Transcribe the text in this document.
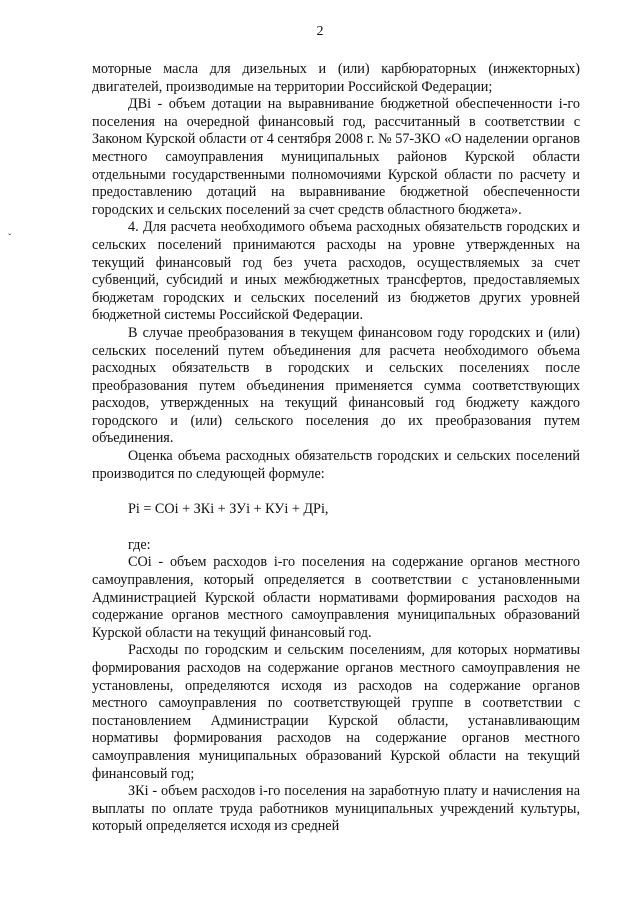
2
ˇ

моторные масла для дизельных и (или) карбюраторных (инжекторных) двигателей, производимые на территории Российской Федерации;

ДВi - объем дотации на выравнивание бюджетной обеспеченности i-го поселения на очередной финансовый год, рассчитанный в соответствии с Законом Курской области от 4 сентября 2008 г. № 57-ЗКО «О наделении органов местного самоуправления муниципальных районов Курской области отдельными государственными полномочиями Курской области по расчету и предоставлению дотаций на выравнивание бюджетной обеспеченности городских и сельских поселений за счет средств областного бюджета».

4. Для расчета необходимого объема расходных обязательств городских и сельских поселений принимаются расходы на уровне утвержденных на текущий финансовый год без учета расходов, осуществляемых за счет субвенций, субсидий и иных межбюджетных трансфертов, предоставляемых бюджетам городских и сельских поселений из бюджетов других уровней бюджетной системы Российской Федерации.

В случае преобразования в текущем финансовом году городских и (или) сельских поселений путем объединения для расчета необходимого объема расходных обязательств в городских и сельских поселениях после преобразования путем объединения применяется сумма соответствующих расходов, утвержденных на текущий финансовый год бюджету каждого городского и (или) сельского поселения до их преобразования путем объединения.

Оценка объема расходных обязательств городских и сельских поселений производится по следующей формуле:

Рi = СОi + ЗКi + ЗУi + КУi + ДРi,

где:

СОi - объем расходов i-го поселения на содержание органов местного самоуправления, который определяется в соответствии с установленными Администрацией Курской области нормативами формирования расходов на содержание органов местного самоуправления муниципальных образований Курской области на текущий финансовый год.

Расходы по городским и сельским поселениям, для которых нормативы формирования расходов на содержание органов местного самоуправления не установлены, определяются исходя из расходов на содержание органов местного самоуправления по соответствующей группе в соответствии с постановлением Администрации Курской области, устанавливающим нормативы формирования расходов на содержание органов местного самоуправления муниципальных образований Курской области на текущий финансовый год;

ЗКi - объем расходов i-го поселения на заработную плату и начисления на выплаты по оплате труда работников муниципальных учреждений культуры, который определяется исходя из средней
